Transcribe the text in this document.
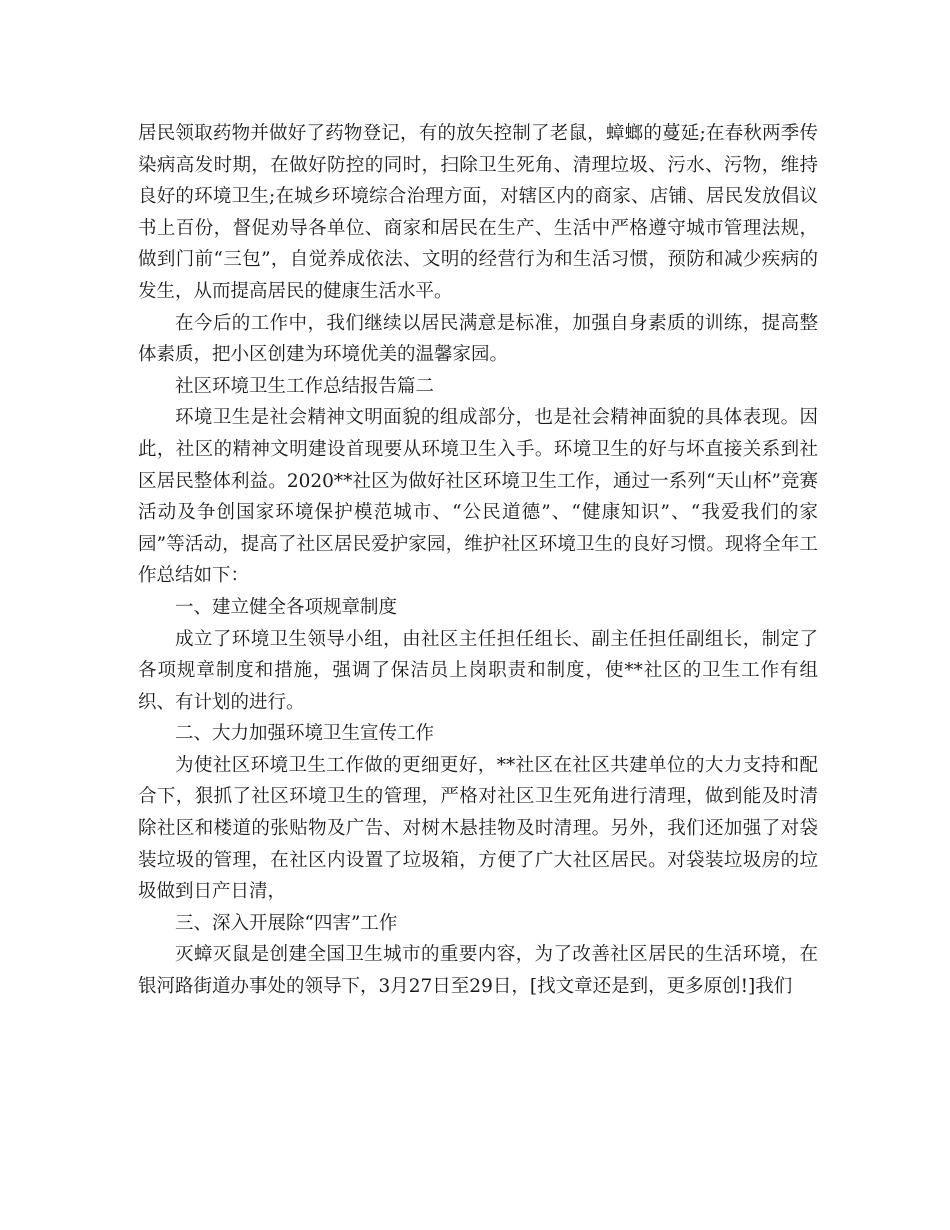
居民领取药物并做好了药物登记，有的放矢控制了老鼠，蟑螂的蔓延;在春秋两季传染病高发时期，在做好防控的同时，扫除卫生死角、清理垃圾、污水、污物，维持良好的环境卫生;在城乡环境综合治理方面，对辖区内的商家、店铺、居民发放倡议书上百份，督促劝导各单位、商家和居民在生产、生活中严格遵守城市管理法规，做到门前“三包”，自觉养成依法、文明的经营行为和生活习惯，预防和减少疾病的发生，从而提高居民的健康生活水平。

在今后的工作中，我们继续以居民满意是标准，加强自身素质的训练，提高整体素质，把小区创建为环境优美的温馨家园。

社区环境卫生工作总结报告篇二

环境卫生是社会精神文明面貌的组成部分，也是社会精神面貌的具体表现。因此，社区的精神文明建设首现要从环境卫生入手。环境卫生的好与坏直接关系到社区居民整体利益。2020**社区为做好社区环境卫生工作，通过一系列“天山杯”竞赛活动及争创国家环境保护模范城市、“公民道德”、“健康知识”、“我爱我们的家园”等活动，提高了社区居民爱护家园，维护社区环境卫生的良好习惯。现将全年工作总结如下：

一、建立健全各项规章制度

成立了环境卫生领导小组，由社区主任担任组长、副主任担任副组长，制定了各项规章制度和措施，强调了保洁员上岗职责和制度，使**社区的卫生工作有组织、有计划的进行。

二、大力加强环境卫生宣传工作

为使社区环境卫生工作做的更细更好，**社区在社区共建单位的大力支持和配合下，狠抓了社区环境卫生的管理，严格对社区卫生死角进行清理，做到能及时清除社区和楼道的张贴物及广告、对树木悬挂物及时清理。另外，我们还加强了对袋装垃圾的管理，在社区内设置了垃圾箱，方便了广大社区居民。对袋装垃圾房的垃圾做到日产日清，

三、深入开展除“四害”工作

灭蟑灭鼠是创建全国卫生城市的重要内容，为了改善社区居民的生活环境，在银河路街道办事处的领导下，3月27日至29日，[找文章还是到，更多原创!]我们
